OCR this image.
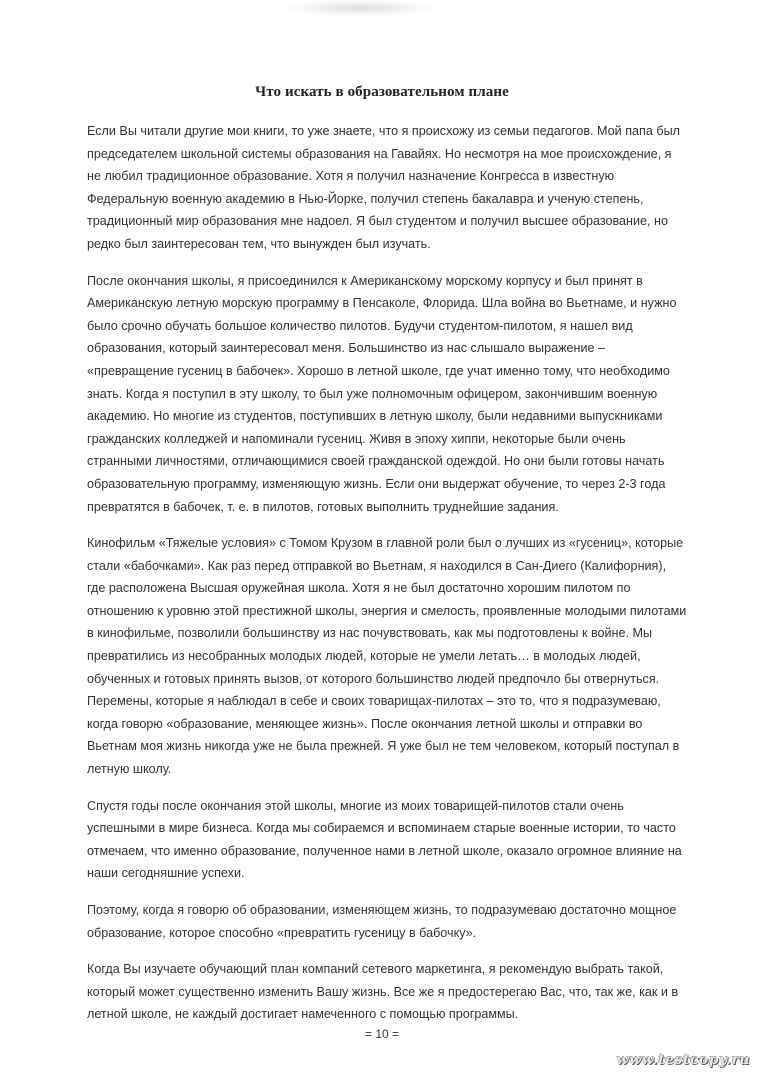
Что искать в образовательном плане

Если Вы читали другие мои книги, то уже знаете, что я происхожу из семьи педагогов. Мой папа был председателем школьной системы образования на Гавайях. Но несмотря на мое происхождение, я не любил традиционное образование. Хотя я получил назначение Конгресса в известную Федеральную военную академию в Нью-Йорке, получил степень бакалавра и ученую степень, традиционный мир образования мне надоел. Я был студентом и получил высшее образование, но редко был заинтересован тем, что вынужден был изучать.

После окончания школы, я присоединился к Американскому морскому корпусу и был принят в Американскую летную морскую программу в Пенсаколе, Флорида. Шла война во Вьетнаме, и нужно было срочно обучать большое количество пилотов. Будучи студентом-пилотом, я нашел вид образования, который заинтересовал меня. Большинство из нас слышало выражение – «превращение гусениц в бабочек». Хорошо в летной школе, где учат именно тому, что необходимо знать. Когда я поступил в эту школу, то был уже полномочным офицером, закончившим военную академию. Но многие из студентов, поступивших в летную школу, были недавними выпускниками гражданских колледжей и напоминали гусениц. Живя в эпоху хиппи, некоторые были очень странными личностями, отличающимися своей гражданской одеждой. Но они были готовы начать образовательную программу, изменяющую жизнь. Если они выдержат обучение, то через 2-3 года превратятся в бабочек, т. е. в пилотов, готовых выполнить труднейшие задания.

Кинофильм «Тяжелые условия» с Томом Крузом в главной роли был о лучших из «гусениц», которые стали «бабочками». Как раз перед отправкой во Вьетнам, я находился в Сан-Диего (Калифорния), где расположена Высшая оружейная школа. Хотя я не был достаточно хорошим пилотом по отношению к уровню этой престижной школы, энергия и смелость, проявленные молодыми пилотами в кинофильме, позволили большинству из нас почувствовать, как мы подготовлены к войне. Мы превратились из несобранных молодых людей, которые не умели летать… в молодых людей, обученных и готовых принять вызов, от которого большинство людей предпочло бы отвернуться. Перемены, которые я наблюдал в себе и своих товарищах-пилотах – это то, что я подразумеваю, когда говорю «образование, меняющее жизнь». После окончания летной школы и отправки во Вьетнам моя жизнь никогда уже не была прежней. Я уже был не тем человеком, который поступал в летную школу.

Спустя годы после окончания этой школы, многие из моих товарищей-пилотов стали очень успешными в мире бизнеса. Когда мы собираемся и вспоминаем старые военные истории, то часто отмечаем, что именно образование, полученное нами в летной школе, оказало огромное влияние на наши сегодняшние успехи.

Поэтому, когда я говорю об образовании, изменяющем жизнь, то подразумеваю достаточно мощное образование, которое способно «превратить гусеницу в бабочку».

Когда Вы изучаете обучающий план компаний сетевого маркетинга, я рекомендую выбрать такой, который может существенно изменить Вашу жизнь. Все же я предостерегаю Вас, что, так же, как и в летной школе, не каждый достигает намеченного с помощью программы.

= 10 =
www.testcopy.ru
